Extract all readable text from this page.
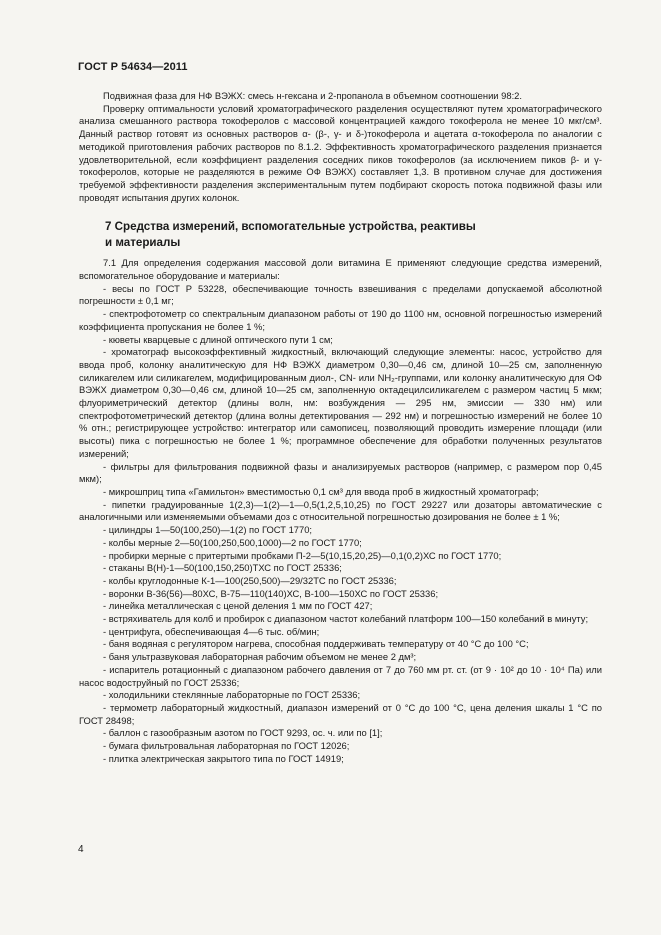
ГОСТ Р 54634—2011

Подвижная фаза для НФ ВЭЖХ: смесь н-гексана и 2-пропанола в объемном соотношении 98:2.

Проверку оптимальности условий хроматографического разделения осуществляют путем хроматографического анализа смешанного раствора токоферолов с массовой концентрацией каждого токоферола не менее 10 мкг/см³. Данный раствор готовят из основных растворов α- (β-, γ- и δ-)токоферола и ацетата α-токоферола по аналогии с методикой приготовления рабочих растворов по 8.1.2. Эффективность хроматографического разделения признается удовлетворительной, если коэффициент разделения соседних пиков токоферолов (за исключением пиков β- и γ-токоферолов, которые не разделяются в режиме ОФ ВЭЖХ) составляет 1,3. В противном случае для достижения требуемой эффективности разделения экспериментальным путем подбирают скорость потока подвижной фазы или проводят испытания других колонок.

7 Средства измерений, вспомогательные устройства, реактивы
и материалы

7.1 Для определения содержания массовой доли витамина Е применяют следующие средства измерений, вспомогательное оборудование и материалы:

- весы по ГОСТ Р 53228, обеспечивающие точность взвешивания с пределами допускаемой абсолютной погрешности ± 0,1 мг;

- спектрофотометр со спектральным диапазоном работы от 190 до 1100 нм, основной погрешностью измерений коэффициента пропускания не более 1 %;

- кюветы кварцевые с длиной оптического пути 1 см;

- хроматограф высокоэффективный жидкостный, включающий следующие элементы: насос, устройство для ввода проб, колонку аналитическую для НФ ВЭЖХ диаметром 0,30—0,46 см, длиной 10—25 см, заполненную силикагелем или силикагелем, модифицированным диол-, CN- или NH₂-группами, или колонку аналитическую для ОФ ВЭЖХ диаметром 0,30—0,46 см, длиной 10—25 см, заполненную октадецилсиликагелем с размером частиц 5 мкм; флуориметрический детектор (длины волн, нм: возбуждения — 295 нм, эмиссии — 330 нм) или спектрофотометрический детектор (длина волны детектирования — 292 нм) и погрешностью измерений не более 10 % отн.; регистрирующее устройство: интегратор или самописец, позволяющий проводить измерение площади (или высоты) пика с погрешностью не более 1 %; программное обеспечение для обработки полученных результатов измерений;

- фильтры для фильтрования подвижной фазы и анализируемых растворов (например, с размером пор 0,45 мкм);

- микрошприц типа «Гамильтон» вместимостью 0,1 см³ для ввода проб в жидкостный хроматограф;

- пипетки градуированные 1(2,3)—1(2)—1—0,5(1,2,5,10,25) по ГОСТ 29227 или дозаторы автоматические с аналогичными или изменяемыми объемами доз с относительной погрешностью дозирования не более ± 1 %;

- цилиндры 1—50(100,250)—1(2) по ГОСТ 1770;

- колбы мерные 2—50(100,250,500,1000)—2 по ГОСТ 1770;

- пробирки мерные с притертыми пробками П-2—5(10,15,20,25)—0,1(0,2)ХС по ГОСТ 1770;

- стаканы В(Н)-1—50(100,150,250)ТХС по ГОСТ 25336;

- колбы круглодонные К-1—100(250,500)—29/32ТС по ГОСТ 25336;

- воронки В-36(56)—80ХС, В-75—110(140)ХС, В-100—150ХС по ГОСТ 25336;

- линейка металлическая с ценой деления 1 мм по ГОСТ 427;

- встряхиватель для колб и пробирок с диапазоном частот колебаний платформ 100—150 колебаний в минуту;

- центрифуга, обеспечивающая 4—6 тыс. об/мин;

- баня водяная с регулятором нагрева, способная поддерживать температуру от 40 °С до 100 °С;

- баня ультразвуковая лабораторная рабочим объемом не менее 2 дм³;

- испаритель ротационный с диапазоном рабочего давления от 7 до 760 мм рт. ст. (от 9 · 10² до 10 · 10⁴ Па) или насос водоструйный по ГОСТ 25336;

- холодильники стеклянные лабораторные по ГОСТ 25336;

- термометр лабораторный жидкостный, диапазон измерений от 0 °С до 100 °С, цена деления шкалы 1 °С по ГОСТ 28498;

- баллон с газообразным азотом по ГОСТ 9293, ос. ч. или по [1];

- бумага фильтровальная лабораторная по ГОСТ 12026;

- плитка электрическая закрытого типа по ГОСТ 14919;

4
